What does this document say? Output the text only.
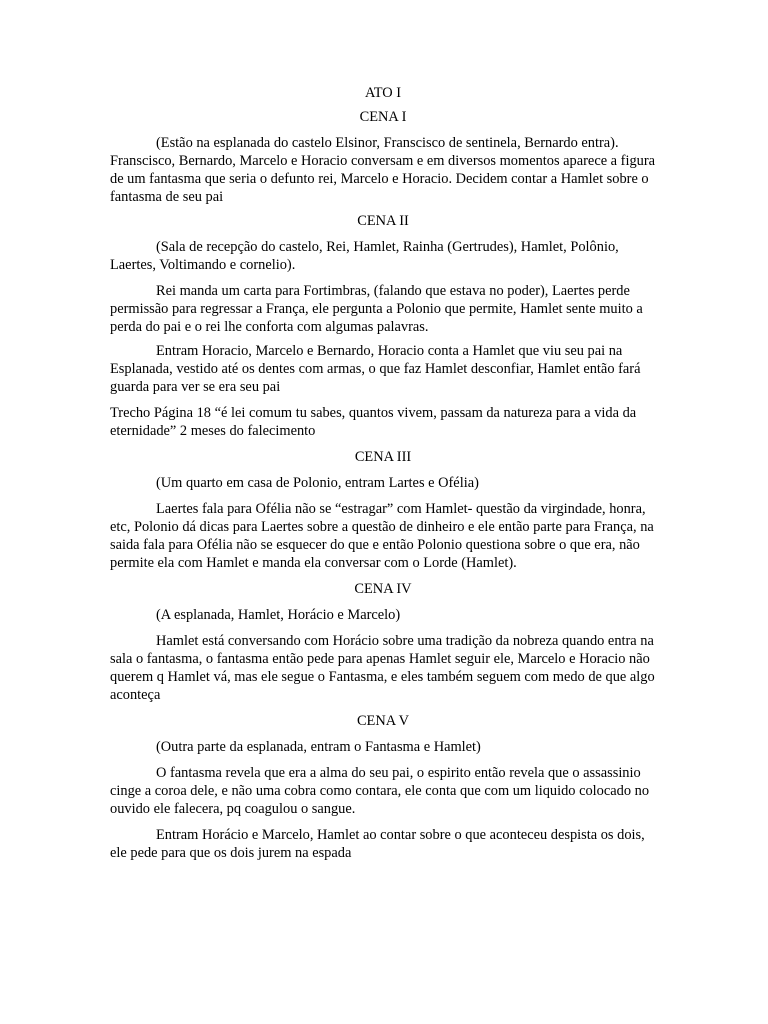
ATO I

CENA I

(Estão na esplanada do castelo Elsinor, Franscisco de sentinela, Bernardo entra). Franscisco, Bernardo, Marcelo e Horacio conversam e em diversos momentos aparece a figura de um fantasma que seria o defunto rei, Marcelo e Horacio. Decidem contar a Hamlet sobre o fantasma de seu pai

CENA II

(Sala de recepção do castelo, Rei, Hamlet, Rainha (Gertrudes), Hamlet, Polônio, Laertes, Voltimando e cornelio).

Rei manda um carta para Fortimbras, (falando que estava no poder), Laertes perde permissão para regressar a França, ele pergunta a Polonio que permite, Hamlet sente muito a perda do pai e o rei lhe conforta com algumas palavras.

Entram Horacio, Marcelo e Bernardo, Horacio conta a Hamlet que viu seu pai na Esplanada, vestido até os dentes com armas, o que faz Hamlet desconfiar, Hamlet então fará guarda para ver se era seu pai

Trecho Página 18 “é lei comum tu sabes, quantos vivem, passam da natureza para a vida da eternidade” 2 meses do falecimento

CENA III

(Um quarto em casa de Polonio, entram Lartes e Ofélia)

Laertes fala para Ofélia não se “estragar” com Hamlet- questão da virgindade, honra, etc, Polonio dá dicas para Laertes sobre a questão de dinheiro e ele então parte para França, na saida fala para Ofélia não se esquecer do que e então Polonio questiona sobre o que era, não permite ela com Hamlet e manda ela conversar com o Lorde (Hamlet).

CENA IV

(A esplanada, Hamlet, Horácio e Marcelo)

Hamlet está conversando com Horácio sobre uma tradição da nobreza quando entra na sala o fantasma, o fantasma então pede para apenas Hamlet seguir ele, Marcelo e Horacio não querem q Hamlet vá, mas ele segue o Fantasma, e eles também seguem com medo de que algo aconteça

CENA V

(Outra parte da esplanada, entram o Fantasma e Hamlet)

O fantasma revela que era a alma do seu pai, o espirito então revela que o assassinio cinge a coroa dele, e não uma cobra como contara, ele conta que com um liquido colocado no ouvido ele falecera, pq coagulou o sangue.

Entram Horácio e Marcelo, Hamlet ao contar sobre o que aconteceu despista os dois, ele pede para que os dois jurem na espada
